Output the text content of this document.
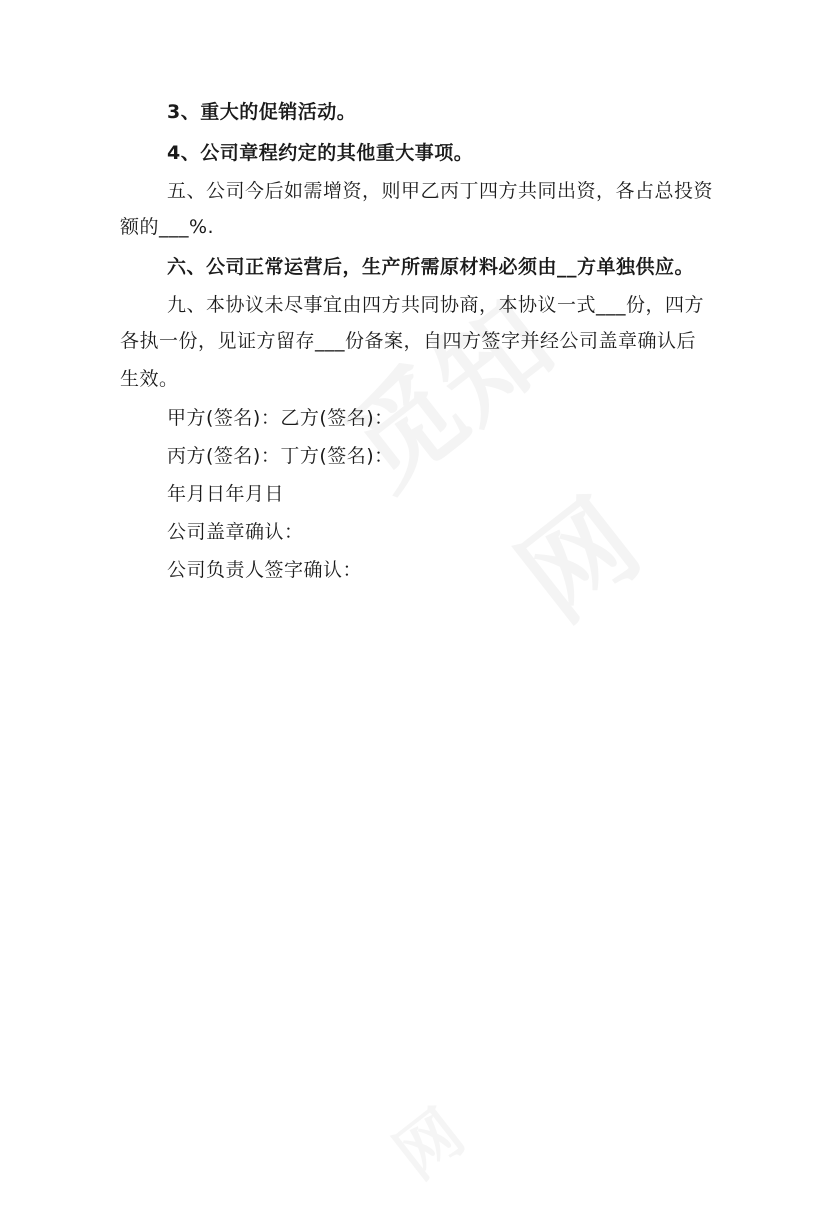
3、重大的促销活动。
4、公司章程约定的其他重大事项。
五、公司今后如需增资，则甲乙丙丁四方共同出资，各占总投资
额的___%.
六、公司正常运营后，生产所需原材料必须由__方单独供应。
九、本协议未尽事宜由四方共同协商，本协议一式___份，四方
各执一份，见证方留存___份备案，自四方签字并经公司盖章确认后
生效。
甲方(签名)：乙方(签名)：
丙方(签名)：丁方(签名)：
年月日年月日
公司盖章确认：
公司负责人签字确认：
